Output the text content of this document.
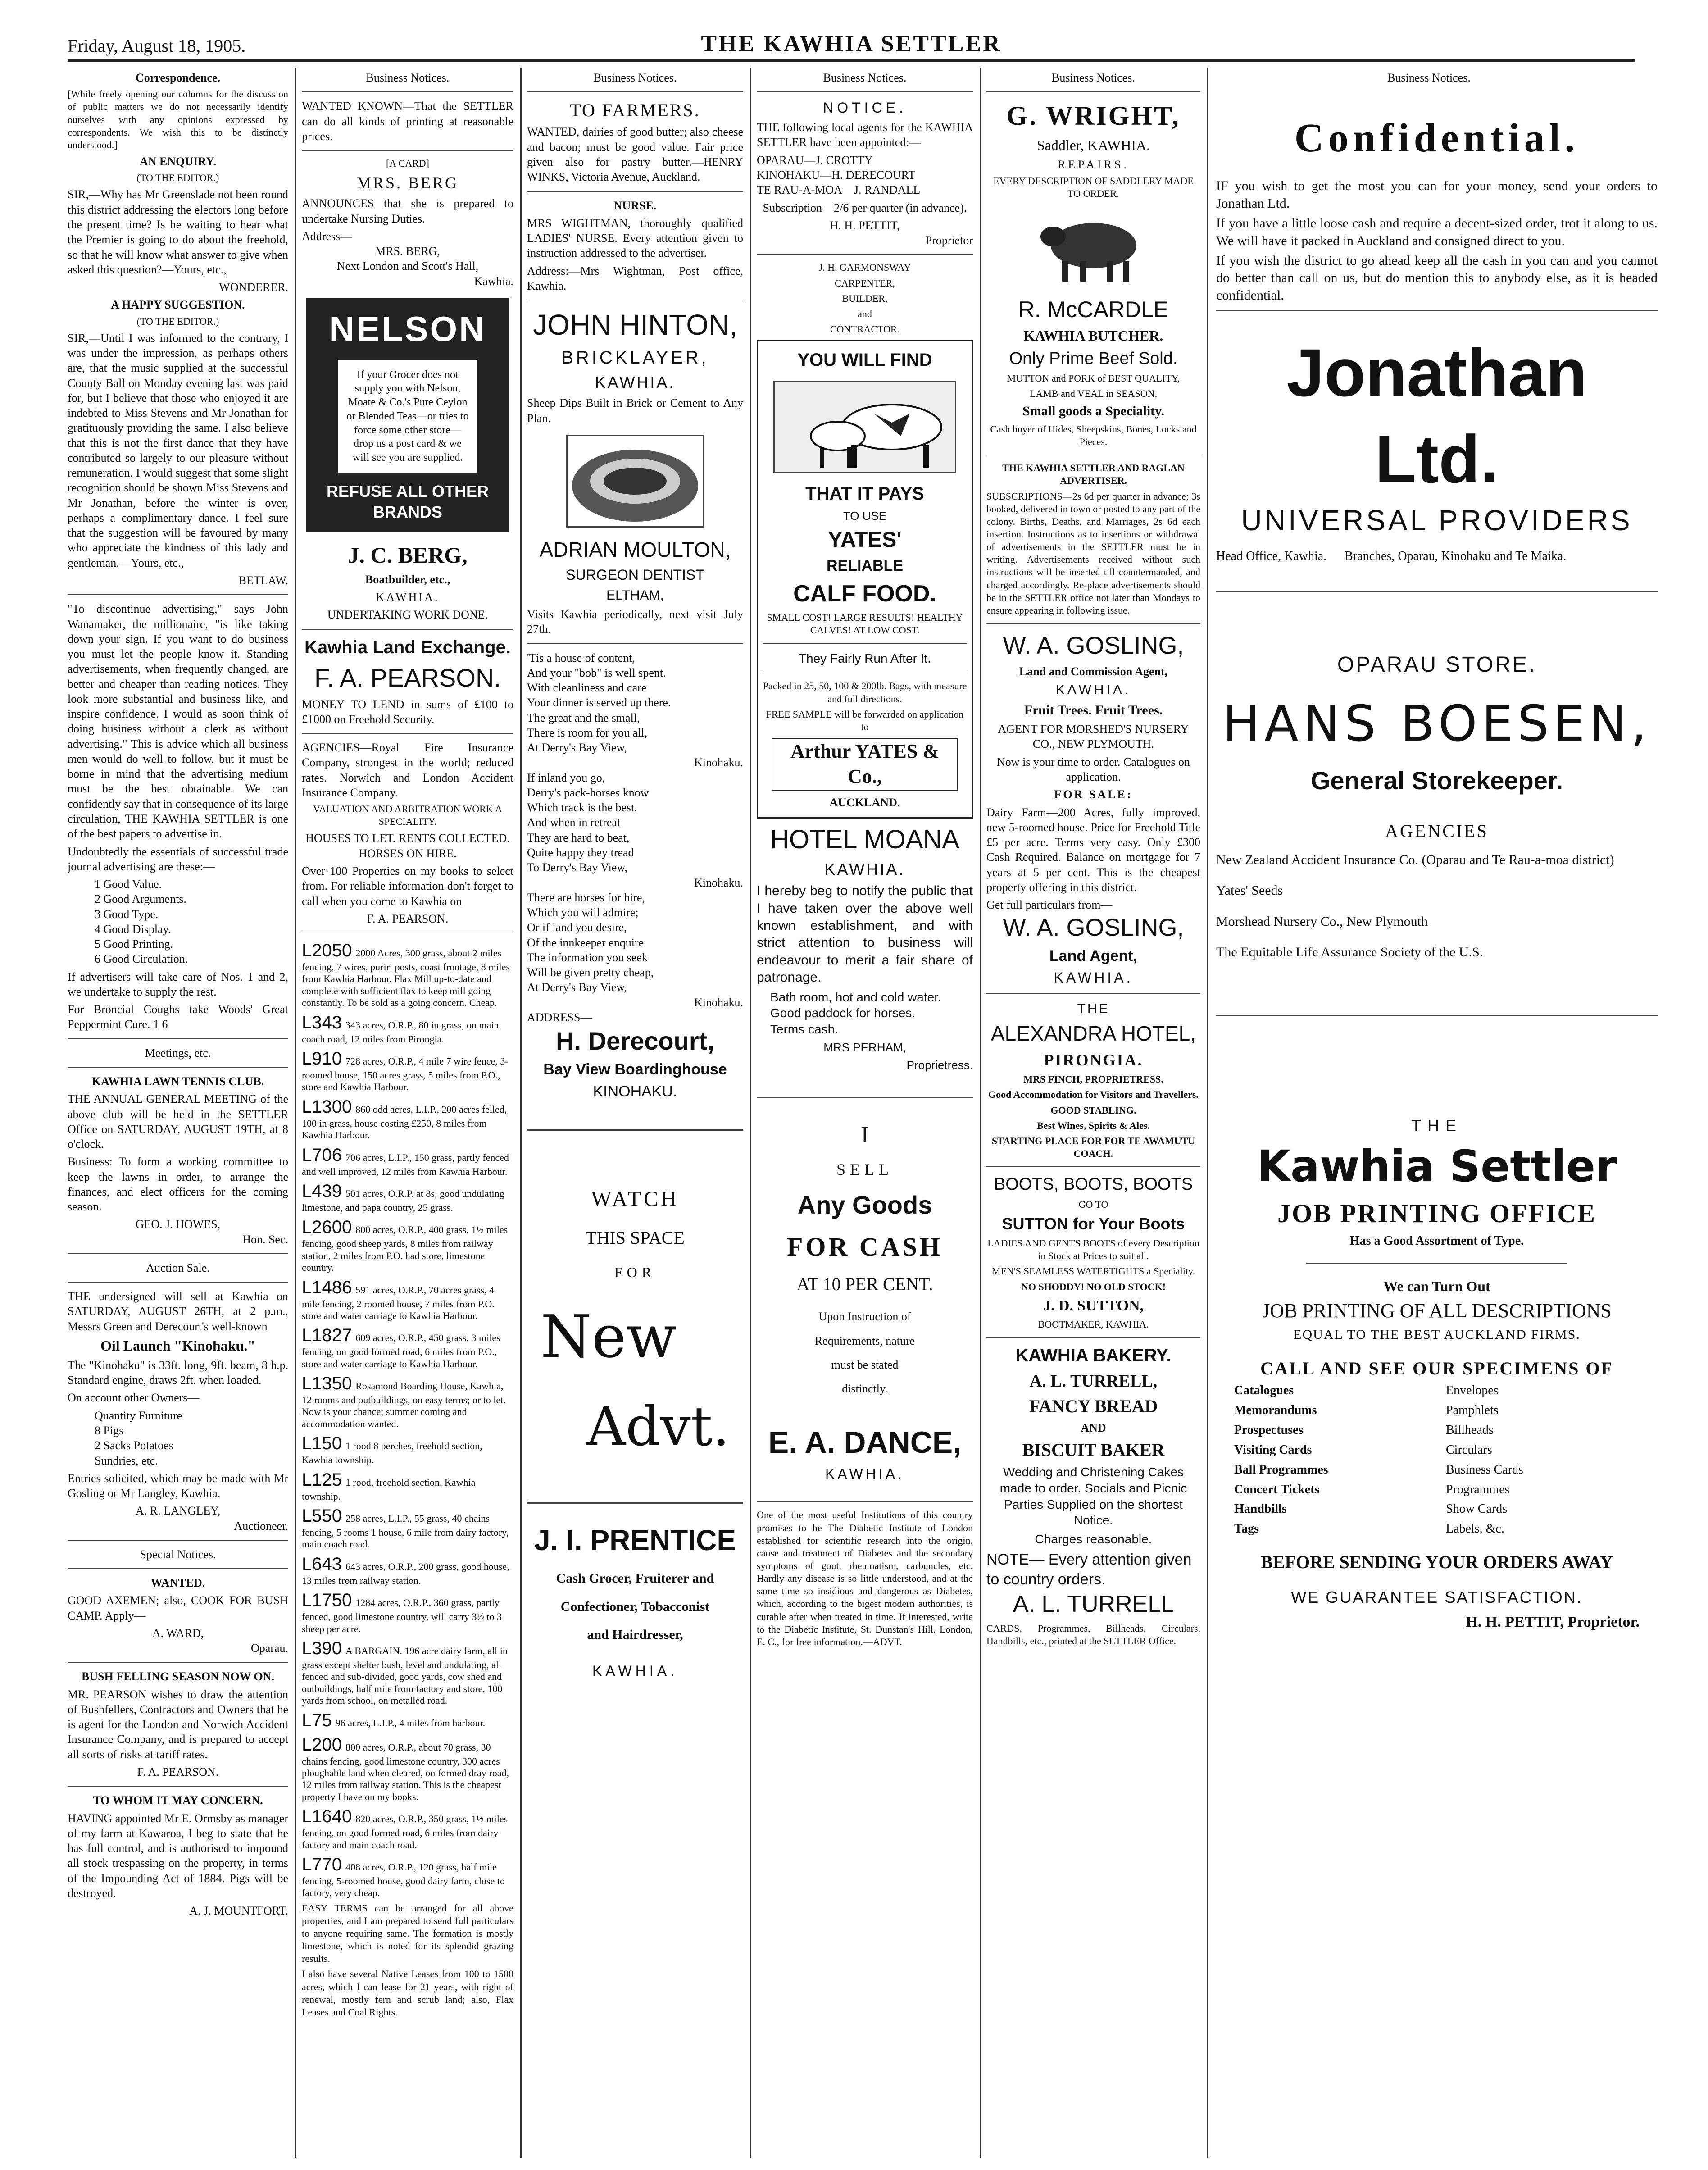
Friday, August 18, 1905.	THE KAWHIA SETTLER
Correspondence.

[While freely opening our columns for the discussion of public matters we do not necessarily identify ourselves with any opinions expressed by correspondents. We wish this to be distinctly understood.]

AN ENQUIRY.
(TO THE EDITOR.)

SIR,—Why has Mr Greenslade not been round this district addressing the electors long before the present time? Is he waiting to hear what the Premier is going to do about the freehold, so that he will know what answer to give when asked this question?—Yours, etc.,

WONDERER.
A HAPPY SUGGESTION.
(TO THE EDITOR.)

SIR,—Until I was informed to the contrary, I was under the impression, as perhaps others are, that the music supplied at the successful County Ball on Monday evening last was paid for, but I believe that those who enjoyed it are indebted to Miss Stevens and Mr Jonathan for gratituously providing the same. I also believe that this is not the first dance that they have contributed so largely to our pleasure without remuneration. I would suggest that some slight recognition should be shown Miss Stevens and Mr Jonathan, before the winter is over, perhaps a complimentary dance. I feel sure that the suggestion will be favoured by many who appreciate the kindness of this lady and gentleman.—Yours, etc.,

BETLAW.

"To discontinue advertising," says John Wanamaker, the millionaire, "is like taking down your sign. If you want to do business you must let the people know it. Standing advertisements, when frequently changed, are better and cheaper than reading notices. They look more substantial and business like, and inspire confidence. I would as soon think of doing business without a clerk as without advertising." This is advice which all business men would do well to follow, but it must be borne in mind that the advertising medium must be the best obtainable. We can confidently say that in consequence of its large circulation, THE KAWHIA SETTLER is one of the best papers to advertise in.

Undoubtedly the essentials of successful trade journal advertising are these:—

1 Good Value.
2 Good Arguments.
3 Good Type.
4 Good Display.
5 Good Printing.
6 Good Circulation.

If advertisers will take care of Nos. 1 and 2, we undertake to supply the rest.

For Broncial Coughs take Woods' Great Peppermint Cure. 1 6

Meetings, etc.
KAWHIA LAWN TENNIS CLUB.

THE ANNUAL GENERAL MEETING of the above club will be held in the SETTLER Office on SATURDAY, AUGUST 19TH, at 8 o'clock.

Business: To form a working committee to keep the lawns in order, to arrange the finances, and elect officers for the coming season.

GEO. J. HOWES,
Hon. Sec.
Auction Sale.

THE undersigned will sell at Kawhia on SATURDAY, AUGUST 26TH, at 2 p.m., Messrs Green and Derecourt's well-known

Oil Launch "Kinohaku."

The "Kinohaku" is 33ft. long, 9ft. beam, 8 h.p. Standard engine, draws 2ft. when loaded.

On account other Owners—

Quantity Furniture
8 Pigs
2 Sacks Potatoes
Sundries, etc.

Entries solicited, which may be made with Mr Gosling or Mr Langley, Kawhia.

A. R. LANGLEY,
Auctioneer.
Special Notices.
WANTED.

GOOD AXEMEN; also, COOK FOR BUSH CAMP. Apply—

A. WARD,
Oparau.
BUSH FELLING SEASON NOW ON.

MR. PEARSON wishes to draw the attention of Bushfellers, Contractors and Owners that he is agent for the London and Norwich Accident Insurance Company, and is prepared to accept all sorts of risks at tariff rates.

F. A. PEARSON.
TO WHOM IT MAY CONCERN.

HAVING appointed Mr E. Ormsby as manager of my farm at Kawaroa, I beg to state that he has full control, and is authorised to impound all stock trespassing on the property, in terms of the Impounding Act of 1884. Pigs will be destroyed.

A. J. MOUNTFORT.
Business Notices.

WANTED KNOWN—That the SETTLER can do all kinds of printing at reasonable prices.

[A CARD]
MRS. BERG

ANNOUNCES that she is prepared to undertake Nursing Duties.

Address—
MRS. BERG,
Next London and Scott's Hall,
Kawhia.
NELSON
If your Grocer does not supply you with Nelson, Moate & Co.'s Pure Ceylon or Blended Teas—or tries to force some other store—drop us a post card & we will see you are supplied.
REFUSE ALL OTHER BRANDS
J. C. BERG,
Boatbuilder, etc.,
KAWHIA.
UNDERTAKING WORK DONE.
Kawhia Land Exchange.
F. A. PEARSON.

MONEY TO LEND in sums of £100 to £1000 on Freehold Security.

AGENCIES—Royal Fire Insurance Company, strongest in the world; reduced rates. Norwich and London Accident Insurance Company.

VALUATION AND ARBITRATION WORK A SPECIALITY.

HOUSES TO LET. RENTS COLLECTED. HORSES ON HIRE.

Over 100 Properties on my books to select from. For reliable information don't forget to call when you come to Kawhia on

F. A. PEARSON.
L2050 2000 Acres, 300 grass, about 2 miles fencing, 7 wires, puriri posts, coast frontage, 8 miles from Kawhia Harbour. Flax Mill up-to-date and complete with sufficient flax to keep mill going constantly. To be sold as a going concern. Cheap.
L343 343 acres, O.R.P., 80 in grass, on main coach road, 12 miles from Pirongia.
L910 728 acres, O.R.P., 4 mile 7 wire fence, 3-roomed house, 150 acres grass, 5 miles from P.O., store and Kawhia Harbour.
L1300 860 odd acres, L.I.P., 200 acres felled, 100 in grass, house costing £250, 8 miles from Kawhia Harbour.
L706 706 acres, L.I.P., 150 grass, partly fenced and well improved, 12 miles from Kawhia Harbour.
L439 501 acres, O.R.P. at 8s, good undulating limestone, and papa country, 25 grass.
L2600 800 acres, O.R.P., 400 grass, 1½ miles fencing, good sheep yards, 8 miles from railway station, 2 miles from P.O. had store, limestone country.
L1486 591 acres, O.R.P., 70 acres grass, 4 mile fencing, 2 roomed house, 7 miles from P.O. store and water carriage to Kawhia Harbour.
L1827 609 acres, O.R.P., 450 grass, 3 miles fencing, on good formed road, 6 miles from P.O., store and water carriage to Kawhia Harbour.
L1350 Rosamond Boarding House, Kawhia, 12 rooms and outbuildings, on easy terms; or to let. Now is your chance; summer coming and accommodation wanted.
L150 1 rood 8 perches, freehold section, Kawhia township.
L125 1 rood, freehold section, Kawhia township.
L550 258 acres, L.I.P., 55 grass, 40 chains fencing, 5 rooms 1 house, 6 mile from dairy factory, main coach road.
L643 643 acres, O.R.P., 200 grass, good house, 13 miles from railway station.
L1750 1284 acres, O.R.P., 360 grass, partly fenced, good limestone country, will carry 3½ to 3 sheep per acre.
L390 A BARGAIN. 196 acre dairy farm, all in grass except shelter bush, level and undulating, all fenced and sub-divided, good yards, cow shed and outbuildings, half mile from factory and store, 100 yards from school, on metalled road.
L75 96 acres, L.I.P., 4 miles from harbour.
L200 800 acres, O.R.P., about 70 grass, 30 chains fencing, good limestone country, 300 acres ploughable land when cleared, on formed dray road, 12 miles from railway station. This is the cheapest property I have on my books.
L1640 820 acres, O.R.P., 350 grass, 1½ miles fencing, on good formed road, 6 miles from dairy factory and main coach road.
L770 408 acres, O.R.P., 120 grass, half mile fencing, 5-roomed house, good dairy farm, close to factory, very cheap.

EASY TERMS can be arranged for all above properties, and I am prepared to send full particulars to anyone requiring same. The formation is mostly limestone, which is noted for its splendid grazing results.

I also have several Native Leases from 100 to 1500 acres, which I can lease for 21 years, with right of renewal, mostly fern and scrub land; also, Flax Leases and Coal Rights.

Business Notices.
TO FARMERS.

WANTED, dairies of good butter; also cheese and bacon; must be good value. Fair price given also for pastry butter.—HENRY WINKS, Victoria Avenue, Auckland.

NURSE.

MRS WIGHTMAN, thoroughly qualified LADIES' NURSE. Every attention given to instruction addressed to the advertiser.

Address:—Mrs Wightman, Post office, Kawhia.

JOHN HINTON,
BRICKLAYER,
KAWHIA.

Sheep Dips Built in Brick or Cement to Any Plan.

ADRIAN MOULTON,
SURGEON DENTIST
ELTHAM,

Visits Kawhia periodically, next visit July 27th.

'Tis a house of content,
And your "bob" is well spent.
With cleanliness and care
Your dinner is served up there.
The great and the small,
There is room for you all,
At Derry's Bay View,
Kinohaku.
If inland you go,
Derry's pack-horses know
Which track is the best.
And when in retreat
They are hard to beat,
Quite happy they tread
To Derry's Bay View,
Kinohaku.
There are horses for hire,
Which you will admire;
Or if land you desire,
Of the innkeeper enquire
The information you seek
Will be given pretty cheap,
At Derry's Bay View,
Kinohaku.
ADDRESS—
H. Derecourt,
Bay View Boardinghouse
KINOHAKU.
WATCH
THIS SPACE
FOR
New
Advt.
J. I. PRENTICE
Cash Grocer, Fruiterer and
Confectioner, Tobacconist
and Hairdresser,
KAWHIA.
Business Notices.
NOTICE.

THE following local agents for the KAWHIA SETTLER have been appointed:—

OPARAU—J. CROTTY
KINOHAKU—H. DERECOURT
TE RAU-A-MOA—J. RANDALL

Subscription—2/6 per quarter (in advance).

H. H. PETTIT,
Proprietor
J. H. GARMONSWAY
CARPENTER,
BUILDER,
and
CONTRACTOR.
YOU WILL FIND
THAT IT PAYS
TO USE
YATES'
RELIABLE
CALF FOOD.
SMALL COST! LARGE RESULTS! HEALTHY CALVES! AT LOW COST.
They Fairly Run After It.
Packed in 25, 50, 100 & 200lb. Bags, with measure and full directions.
FREE SAMPLE will be forwarded on application to
Arthur YATES & Co.,
AUCKLAND.
HOTEL MOANA
KAWHIA.

I hereby beg to notify the public that I have taken over the above well known establishment, and with strict attention to business will endeavour to merit a fair share of patronage.

Bath room, hot and cold water.
Good paddock for horses.
Terms cash.
MRS PERHAM,
Proprietress.
I
SELL
Any Goods
FOR CASH
AT 10 PER CENT.
Upon Instruction of
Requirements, nature
must be stated
distinctly.
E. A. DANCE,
KAWHIA.

One of the most useful Institutions of this country promises to be The Diabetic Institute of London established for scientific research into the origin, cause and treatment of Diabetes and the secondary symptoms of gout, rheumatism, carbuncles, etc. Hardly any disease is so little understood, and at the same time so insidious and dangerous as Diabetes, which, according to the bigest modern authorities, is curable after when treated in time. If interested, write to the Diabetic Institute, St. Dunstan's Hill, London, E. C., for free information.—ADVT.

Business Notices.
G. WRIGHT,
Saddler, KAWHIA.
REPAIRS.
EVERY DESCRIPTION OF SADDLERY MADE TO ORDER.
R. McCARDLE
KAWHIA BUTCHER.
Only Prime Beef Sold.
MUTTON and PORK of BEST QUALITY,
LAMB and VEAL in SEASON,
Small goods a Speciality.
Cash buyer of Hides, Sheepskins, Bones, Locks and Pieces.
THE KAWHIA SETTLER AND RAGLAN ADVERTISER.

SUBSCRIPTIONS—2s 6d per quarter in advance; 3s booked, delivered in town or posted to any part of the colony. Births, Deaths, and Marriages, 2s 6d each insertion. Instructions as to insertions or withdrawal of advertisements in the SETTLER must be in writing. Advertisements received without such instructions will be inserted till countermanded, and charged accordingly. Re-place advertisements should be in the SETTLER office not later than Mondays to ensure appearing in following issue.

W. A. GOSLING,
Land and Commission Agent,
KAWHIA.
Fruit Trees. Fruit Trees.
AGENT FOR MORSHED'S NURSERY CO., NEW PLYMOUTH.
Now is your time to order. Catalogues on application.
FOR SALE:

Dairy Farm—200 Acres, fully improved, new 5-roomed house. Price for Freehold Title £5 per acre. Terms very easy. Only £300 Cash Required. Balance on mortgage for 7 years at 5 per cent. This is the cheapest property offering in this district.

Get full particulars from—
W. A. GOSLING,
Land Agent,
KAWHIA.
THE
ALEXANDRA HOTEL,
PIRONGIA.
MRS FINCH, PROPRIETRESS.
Good Accommodation for Visitors and Travellers.
GOOD STABLING.
Best Wines, Spirits & Ales.
STARTING PLACE FOR FOR TE AWAMUTU COACH.
BOOTS, BOOTS, BOOTS
GO TO
SUTTON for Your Boots
LADIES AND GENTS BOOTS of every Description in Stock at Prices to suit all.
MEN'S SEAMLESS WATERTIGHTS a Speciality.
NO SHODDY! NO OLD STOCK!
J. D. SUTTON,
BOOTMAKER, KAWHIA.
KAWHIA BAKERY.
A. L. TURRELL,
FANCY BREAD
AND
BISCUIT BAKER
Wedding and Christening Cakes made to order. Socials and Picnic Parties Supplied on the shortest Notice.
Charges reasonable.
NOTE— Every attention given to country orders.
A. L. TURRELL

CARDS, Programmes, Billheads, Circulars, Handbills, etc., printed at the SETTLER Office.

Business Notices.
Confidential.

IF you wish to get the most you can for your money, send your orders to Jonathan Ltd.

If you have a little loose cash and require a decent-sized order, trot it along to us. We will have it packed in Auckland and consigned direct to you.

If you wish the district to go ahead keep all the cash in you can and you cannot do better than call on us, but do mention this to anybody else, as it is headed confidential.

Jonathan Ltd.
UNIVERSAL PROVIDERS
Head Office, Kawhia. Branches, Oparau, Kinohaku and Te Maika.
OPARAU STORE.
HANS BOESEN,
General Storekeeper.
AGENCIES
New Zealand Accident Insurance Co. (Oparau and Te Rau-a-moa district)
Yates' Seeds
Morshead Nursery Co., New Plymouth
The Equitable Life Assurance Society of the U.S.
THE
Kawhia Settler
JOB PRINTING OFFICE
Has a Good Assortment of Type.
We can Turn Out
JOB PRINTING OF ALL DESCRIPTIONS
EQUAL TO THE BEST AUCKLAND FIRMS.
CALL AND SEE OUR SPECIMENS OF
Catalogues	Envelopes
Memorandums	Pamphlets
Prospectuses	Billheads
Visiting Cards	Circulars
Ball Programmes	Business Cards
Concert Tickets	Programmes
Handbills	Show Cards
Tags	Labels, &c.
BEFORE SENDING YOUR ORDERS AWAY
WE GUARANTEE SATISFACTION.
H. H. PETTIT, Proprietor.
